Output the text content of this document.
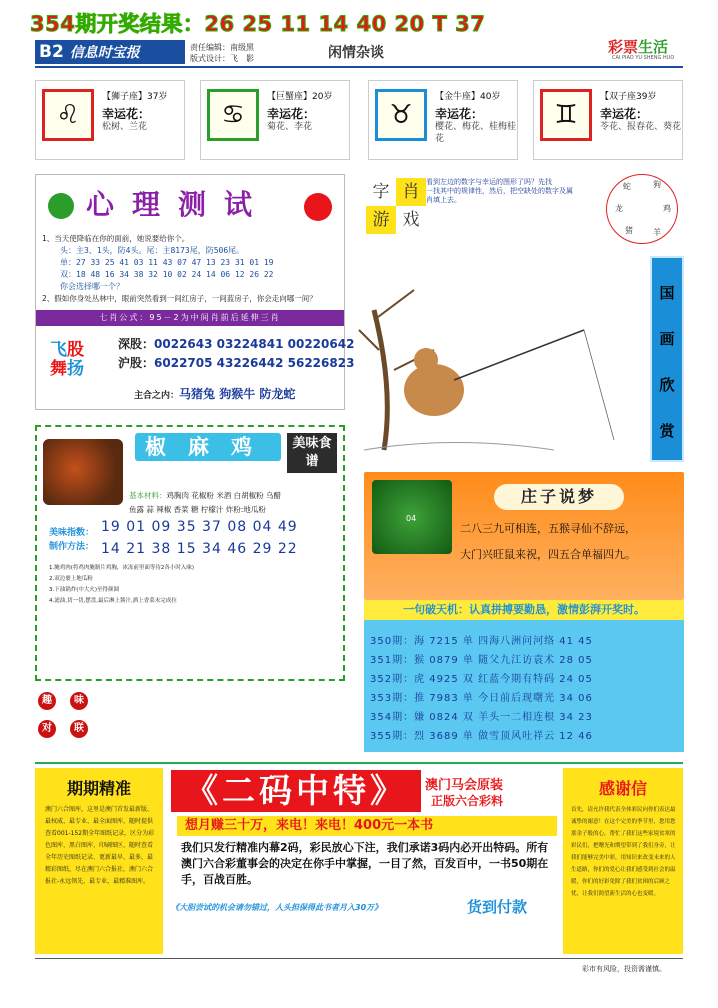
354期开奖结果：26 25 11 14 40 20 T 37
B2 信息时宝报	责任编辑：南级黑
版式设计：飞　影	闲情杂谈	彩票生活
CAI PIAO YU SHENG HUO
♌
【狮子座】37岁
幸运花：
松树、兰花	♋
【巨蟹座】20岁
幸运花：
菊花、李花	♉
【金牛座】40岁
幸运花：
樱花、梅花、桂梅桂花
♊
【双子座39岁
幸运花：
苓花、报春花、葵花
心理测试
1、当天使降临在你的面前，她说要给你个。
头：主3、1头，防4头。尾：主8173尾，防506尾。
单：27 33 25 41 03 11 43 07 47 13 23 31 01 19
双：18 48 16 34 38 32 10 02 24 14 06 12 26 22
你会选择哪一个？
2、假如你身处丛林中，眼前突然看到一间红房子，一间蓝房子，你会走向哪一间？
七肖公式：95－2为中间肖前后延伸三肖
飞股
舞扬
深股：0022643 03224841 00220642
沪股：6022705 43226442 56226823
主合之内：马猪兔 狗猴牛 防龙蛇
椒麻鸡	美味食谱
基本材料：鸡胸肉 花椒粉 米酒 白胡椒粉 乌醋
鱼露 蒜 辣椒 香菜 糖 柠檬汁 炸粉:地瓜粉
美味指数：
制作方法：
19 01 09 35 37 08 04 49
14 21 38 15 34 46 29 22
1.腌鸡肉(将鸡肉腌制片鸡胸，冰冻前里面等待2各小时入味)
2.双边裹上地瓜粉
3.下油锅炸(中大火)至得颜圆
4.滤油,切一切,摆盘,最后淋上酱汁,洒上香菜末完成拉
趣	味
对	联
字 肖
游 戏
看到左边的数字与幸运的图形了吗？先找
一找其中的规律性，然后，把空缺处的数字及属
肖填上去。
蛇	狗
龙	鸡
猪	羊
国
画
欣
赏
04
庄子说梦
二八三九可相连，五猴寻仙不辞远，
大门兴旺鼠来祝，四五合单福四九。
一句破天机：认真拼搏要勤恳，激情彭湃开奖时。
350期：海 7215 单 四海八洲问河络 41 45
351期：猴 0879 单 随父九江访袁术 28 05
352期：虎 4925 双 红蓝今期有特码 24 05
353期：推 7983 单 今日前后现曙光 34 06
354期：嫌 0824 双 羊头一二相连根 34 23
355期：烈 3689 单 做雪顶风吐祥云 12 46
期期精准
澳门六合图库，这里是澳门首发最新版、最权威、最专业、最全面图库，随时提供查看001-152期全年图纸记录，区分为彩色图库、黑白图库、印刷图区、随时查看全年历史图纸记录、更新最早、最多，最精彩图纸，尽在澳门六合报社，澳门六合报社-永远领先，最专业，最精准图库。
《二码中特》	澳门马会原装
正版六合彩料
想月赚三十万，来电！来电！400元一本书
我们只发行精准内幕2码，彩民放心下注，我们承诺3码内必开出特码。所有澳门六合彩董事会的决定在你手中掌握，一目了然，百发百中，一书50期在手，百战百胜。
《大胆尝试的机会请勿错过，人头担保得此书者月入30万》	货到付款
感谢信
首先，请允许我代表全体彩民向你们表达最诚挚的谢意！在这个完美的季节里，您用您那金子般的心，帮忙了我们这些家境贫寒的彩民们，把曙光和期望带到了我们身旁，让我们能够完美中彩，用知识来改变未来的人生道路，你们的爱心让我们感受到社会的温暖，你们的好彩免除了我们贫困的后顾之忧，让我们渴望新生活的心也变暖。
彩市有风险，投资需谨慎。
